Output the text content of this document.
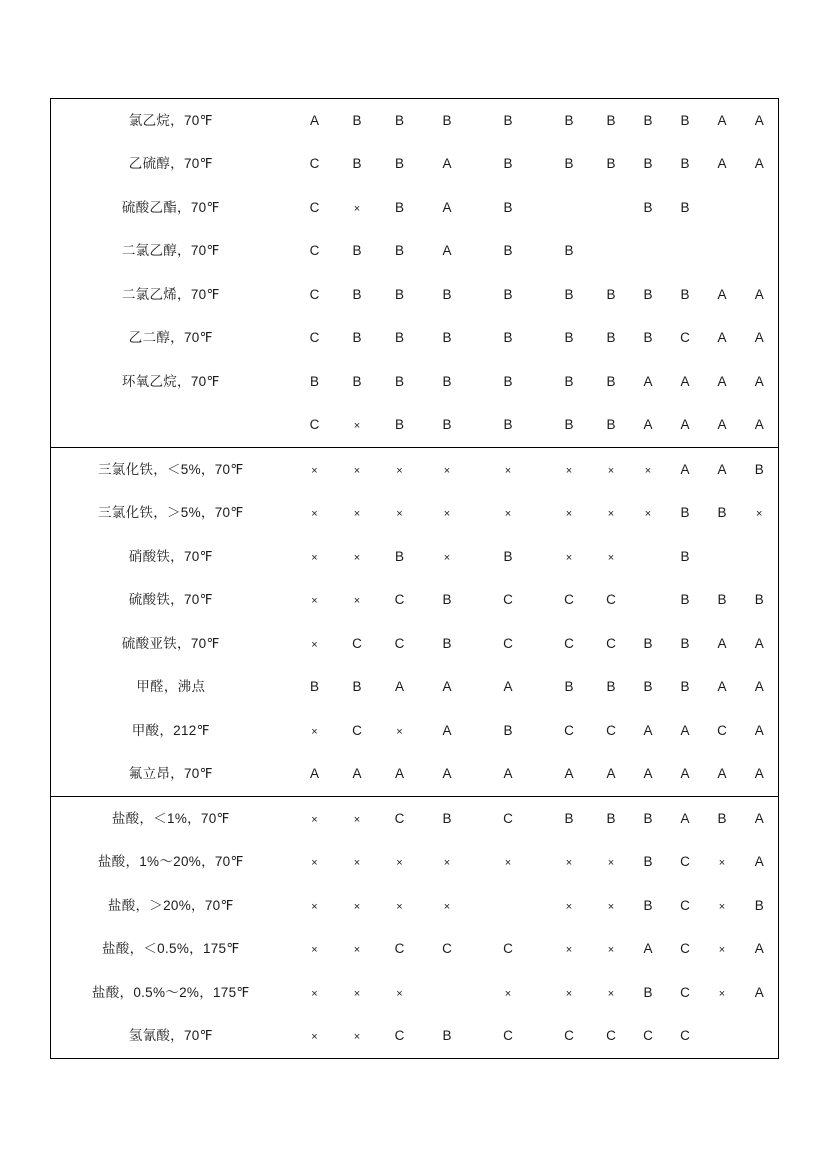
氯乙烷，70℉	A	B	B	B	B	B	B	B	B	A	A
乙硫醇，70℉	C	B	B	A	B	B	B	B	B	A	A
硫酸乙酯，70℉	C	×	B	A	B			B	B		
二氯乙醇，70℉	C	B	B	A	B	B					
二氯乙烯，70℉	C	B	B	B	B	B	B	B	B	A	A
乙二醇，70℉	C	B	B	B	B	B	B	B	C	A	A
环氧乙烷，70℉	B	B	B	B	B	B	B	A	A	A	A
	C	×	B	B	B	B	B	A	A	A	A
三氯化铁，＜5%，70℉	×	×	×	×	×	×	×	×	A	A	B
三氯化铁，＞5%，70℉	×	×	×	×	×	×	×	×	B	B	×
硝酸铁，70℉	×	×	B	×	B	×	×		B		
硫酸铁，70℉	×	×	C	B	C	C	C		B	B	B
硫酸亚铁，70℉	×	C	C	B	C	C	C	B	B	A	A
甲醛，沸点	B	B	A	A	A	B	B	B	B	A	A
甲酸，212℉	×	C	×	A	B	C	C	A	A	C	A
氟立昂，70℉	A	A	A	A	A	A	A	A	A	A	A
盐酸，＜1%，70℉	×	×	C	B	C	B	B	B	A	B	A
盐酸，1%～20%，70℉	×	×	×	×	×	×	×	B	C	×	A
盐酸，＞20%，70℉	×	×	×	×		×	×	B	C	×	B
盐酸，＜0.5%，175℉	×	×	C	C	C	×	×	A	C	×	A
盐酸，0.5%～2%，175℉	×	×	×		×	×	×	B	C	×	A
氢氰酸，70℉	×	×	C	B	C	C	C	C	C		
